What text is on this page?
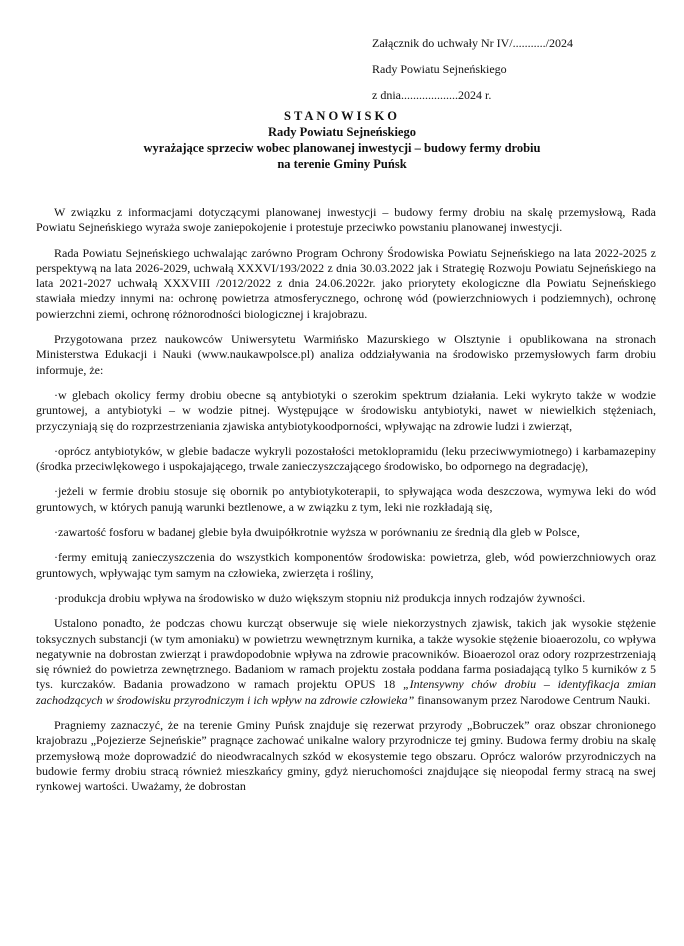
Załącznik do uchwały Nr IV/.........../2024
Rady Powiatu Sejneńskiego
z dnia...................2024 r.
STANOWISKO
Rady Powiatu Sejneńskiego
wyrażające sprzeciw wobec planowanej inwestycji – budowy fermy drobiu
na terenie Gminy Puńsk

W związku z informacjami dotyczącymi planowanej inwestycji – budowy fermy drobiu na skalę przemysłową, Rada Powiatu Sejneńskiego wyraża swoje zaniepokojenie i protestuje przeciwko powstaniu planowanej inwestycji.

Rada Powiatu Sejneńskiego uchwalając zarówno Program Ochrony Środowiska Powiatu Sejneńskiego na lata 2022-2025 z perspektywą na lata 2026-2029, uchwałą XXXVI/193/2022 z dnia 30.03.2022 jak i Strategię Rozwoju Powiatu Sejneńskiego na lata 2021-2027 uchwałą XXXVIII /2012/2022 z dnia 24.06.2022r. jako priorytety ekologiczne dla Powiatu Sejneńskiego stawiała miedzy innymi na: ochronę powietrza atmosferycznego, ochronę wód (powierzchniowych i podziemnych), ochronę powierzchni ziemi, ochronę różnorodności biologicznej i krajobrazu.

Przygotowana przez naukowców Uniwersytetu Warmińsko Mazurskiego w Olsztynie i opublikowana na stronach Ministerstwa Edukacji i Nauki (www.naukawpolsce.pl) analiza oddziaływania na środowisko przemysłowych farm drobiu informuje, że:

·w glebach okolicy fermy drobiu obecne są antybiotyki o szerokim spektrum działania. Leki wykryto także w wodzie gruntowej, a antybiotyki – w wodzie pitnej. Występujące w środowisku antybiotyki, nawet w niewielkich stężeniach, przyczyniają się do rozprzestrzeniania zjawiska antybiotykoodporności, wpływając na zdrowie ludzi i zwierząt,

·oprócz antybiotyków, w glebie badacze wykryli pozostałości metoklopramidu (leku przeciwwymiotnego) i karbamazepiny (środka przeciwlękowego i uspokajającego, trwale zanieczyszczającego środowisko, bo odpornego na degradację),

·jeżeli w fermie drobiu stosuje się obornik po antybiotykoterapii, to spływająca woda deszczowa, wymywa leki do wód gruntowych, w których panują warunki beztlenowe, a w związku z tym, leki nie rozkładają się,

·zawartość fosforu w badanej glebie była dwuipółkrotnie wyższa w porównaniu ze średnią dla gleb w Polsce,

·fermy emitują zanieczyszczenia do wszystkich komponentów środowiska: powietrza, gleb, wód powierzchniowych oraz gruntowych, wpływając tym samym na człowieka, zwierzęta i rośliny,

·produkcja drobiu wpływa na środowisko w dużo większym stopniu niż produkcja innych rodzajów żywności.

Ustalono ponadto, że podczas chowu kurcząt obserwuje się wiele niekorzystnych zjawisk, takich jak wysokie stężenie toksycznych substancji (w tym amoniaku) w powietrzu wewnętrznym kurnika, a także wysokie stężenie bioaerozolu, co wpływa negatywnie na dobrostan zwierząt i prawdopodobnie wpływa na zdrowie pracowników. Bioaerozol oraz odory rozprzestrzeniają się również do powietrza zewnętrznego. Badaniom w ramach projektu została poddana farma posiadającą tylko 5 kurników z 5 tys. kurczaków. Badania prowadzono w ramach projektu OPUS 18 „Intensywny chów drobiu – identyfikacja zmian zachodzących w środowisku przyrodniczym i ich wpływ na zdrowie człowieka” finansowanym przez Narodowe Centrum Nauki.

Pragniemy zaznaczyć, że na terenie Gminy Puńsk znajduje się rezerwat przyrody „Bobruczek” oraz obszar chronionego krajobrazu „Pojezierze Sejneńskie” pragnące zachować unikalne walory przyrodnicze tej gminy. Budowa fermy drobiu na skalę przemysłową może doprowadzić do nieodwracalnych szkód w ekosystemie tego obszaru. Oprócz walorów przyrodniczych na budowie fermy drobiu stracą również mieszkańcy gminy, gdyż nieruchomości znajdujące się nieopodal fermy stracą na swej rynkowej wartości. Uważamy, że dobrostan
